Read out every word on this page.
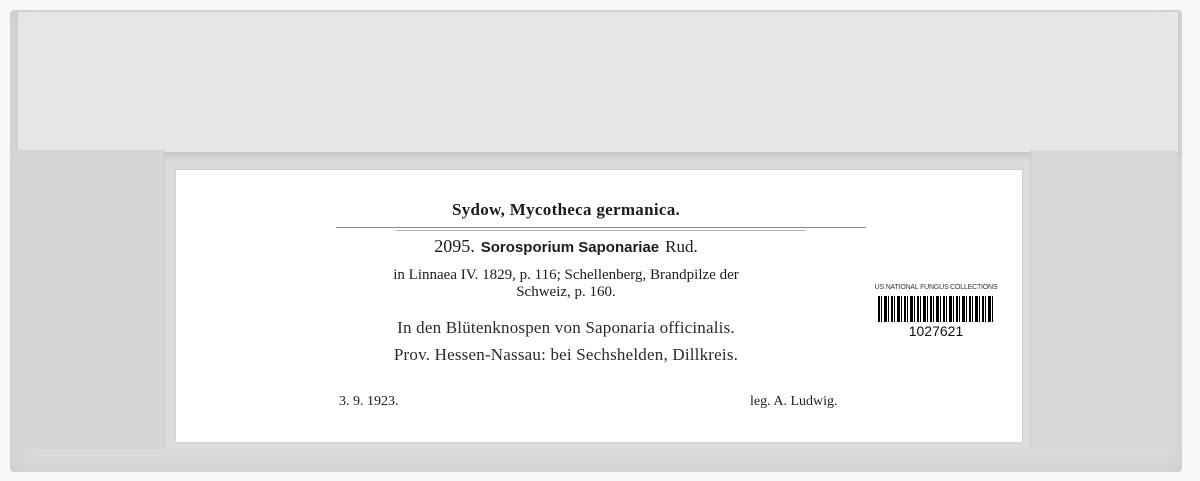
Sydow, Mycotheca germanica.
2095. Sorosporium Saponariae Rud.
in Linnaea IV. 1829, p. 116; Schellenberg, Brandpilze der
Schweiz, p. 160.
In den Blütenknospen von Saponaria officinalis.
Prov. Hessen-Nassau: bei Sechshelden, Dillkreis.
3. 9. 1923.	leg. A. Ludwig.
US NATIONAL FUNGUS COLLECTIONS
1027621
